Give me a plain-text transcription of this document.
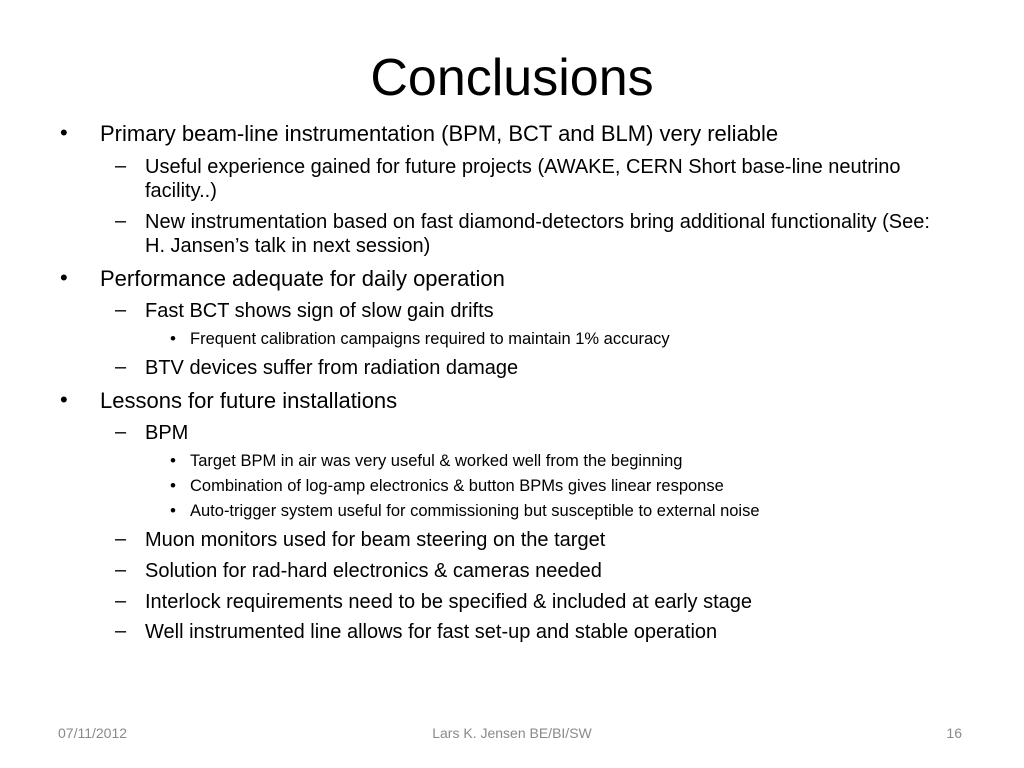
Conclusions
• Primary beam-line instrumentation (BPM, BCT and BLM) very reliable
– Useful experience gained for future projects (AWAKE, CERN Short base-line neutrino facility..)
– New instrumentation based on fast diamond-detectors bring additional functionality (See: H. Jansen’s talk in next session)
• Performance adequate for daily operation
– Fast BCT shows sign of slow gain drifts
• Frequent calibration campaigns required to maintain 1% accuracy
– BTV devices suffer from radiation damage
• Lessons for future installations
– BPM
• Target BPM in air was very useful & worked well from the beginning
• Combination of log-amp electronics & button BPMs gives linear response
• Auto-trigger system useful for commissioning but susceptible to external noise
– Muon monitors used for beam steering on the target
– Solution for rad-hard electronics & cameras needed
– Interlock requirements need to be specified & included at early stage
– Well instrumented line allows for fast set-up and stable operation
07/11/2012	Lars K. Jensen BE/BI/SW	16
